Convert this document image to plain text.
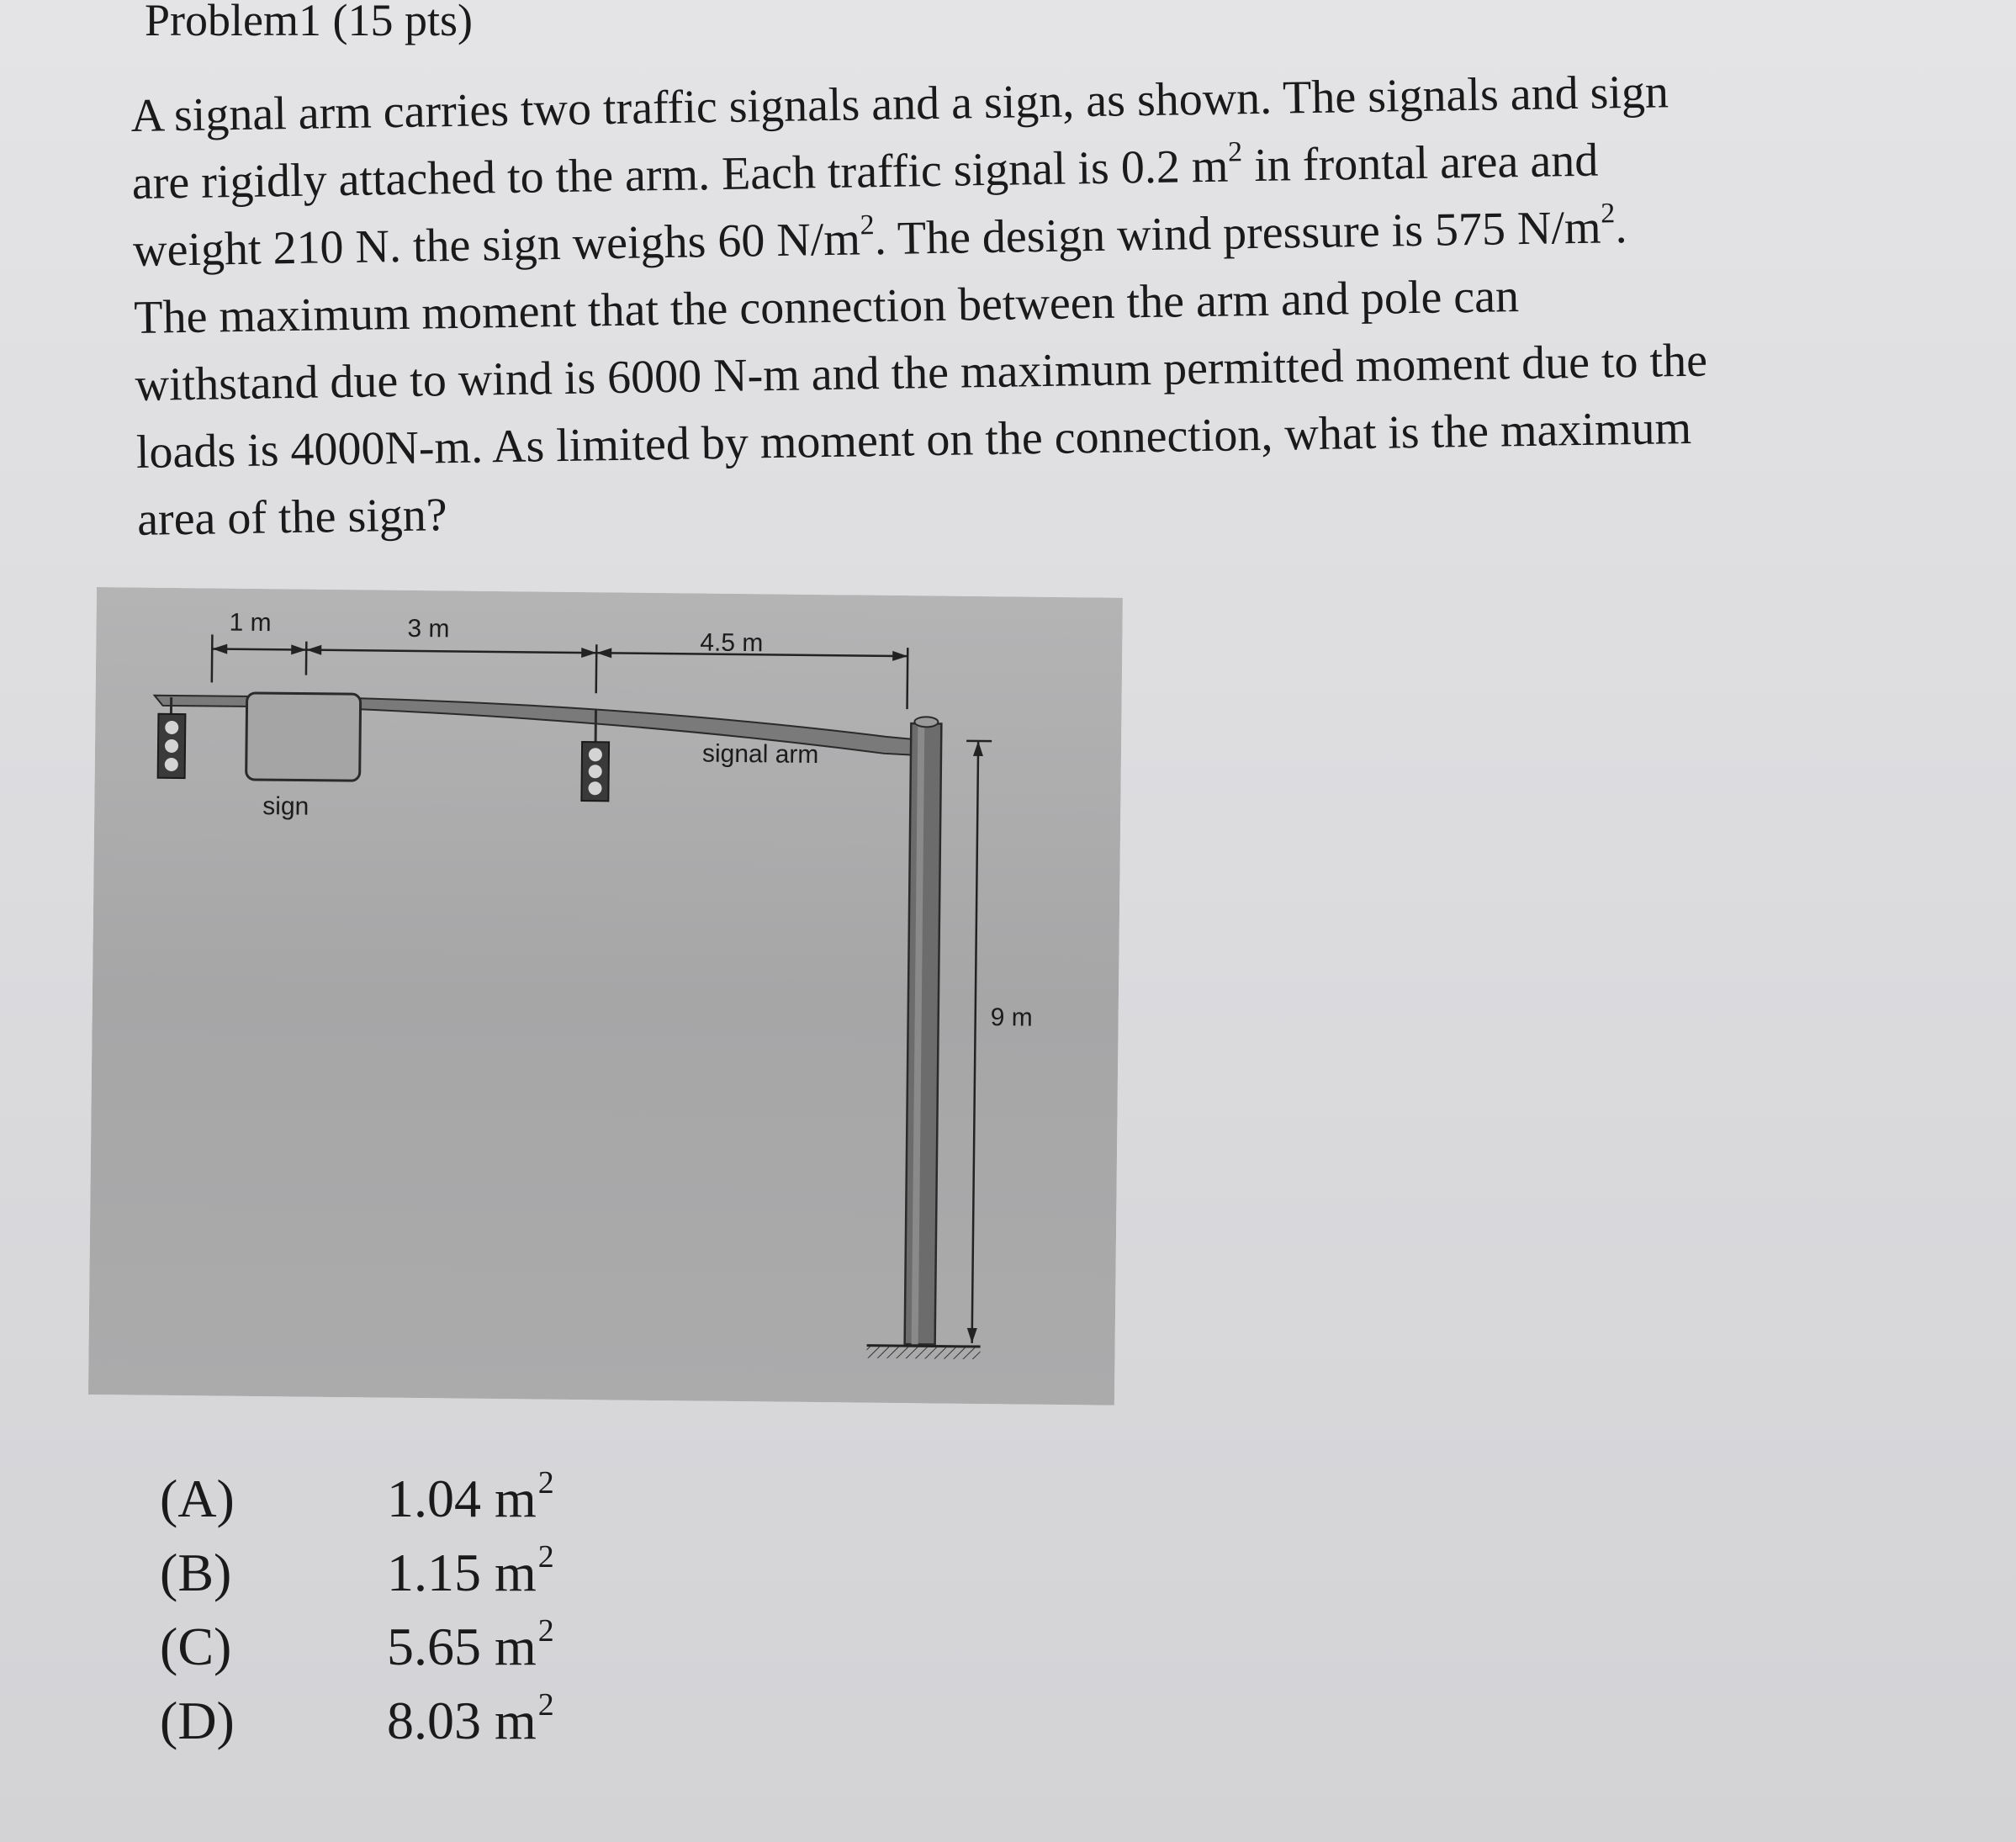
Problem1 (15 pts)
A signal arm carries two traffic signals and a sign, as shown. The signals and sign
are rigidly attached to the arm. Each traffic signal is 0.2 $m^2$ in frontal area and
weight 210 N. the sign weighs 60 $N/m^2$. The design wind pressure is 575 $N/m^2$.
The maximum moment that the connection between the arm and pole can
withstand due to wind is 6000 N-m and the maximum permitted moment due to the
loads is 4000N-m. As limited by moment on the connection, what is the maximum
area of the sign?
1 m	3 m	4.5 m
9 m
sign
signal arm
(A)	1.04 $m^2$
(B)	1.15 $m^2$
(C)	5.65 $m^2$
(D)	8.03 $m^2$
